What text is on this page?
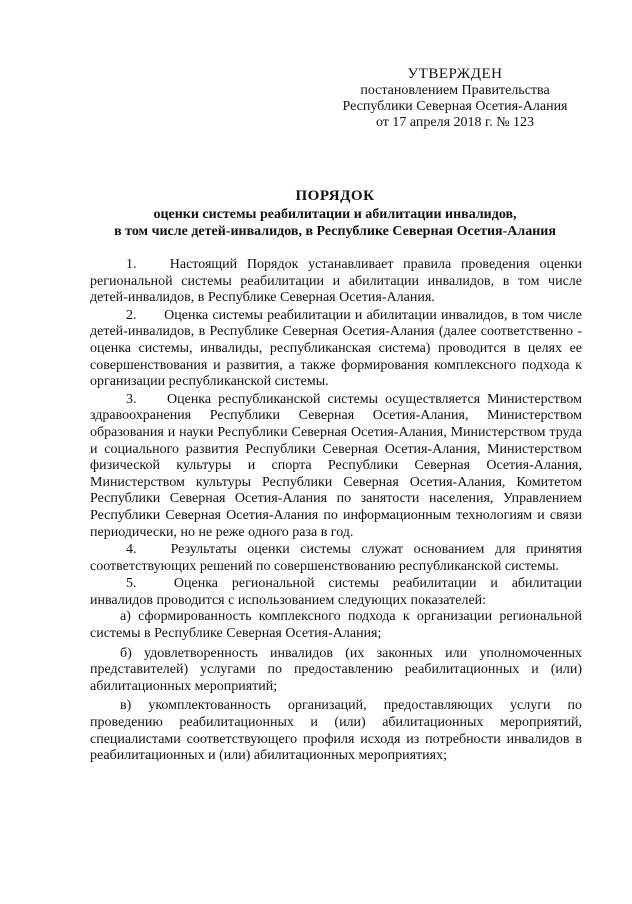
УТВЕРЖДЕН
постановлением Правительства
Республики Северная Осетия-Алания
от 17 апреля 2018 г. № 123
ПОРЯДОК
оценки системы реабилитации и абилитации инвалидов,
в том числе детей-инвалидов, в Республике Северная Осетия-Алания

1. Настоящий Порядок устанавливает правила проведения оценки региональной системы реабилитации и абилитации инвалидов, в том числе детей-инвалидов, в Республике Северная Осетия-Алания.

2. Оценка системы реабилитации и абилитации инвалидов, в том числе детей-инвалидов, в Республике Северная Осетия-Алания (далее соответственно - оценка системы, инвалиды, республиканская система) проводится в целях ее совершенствования и развития, а также формирования комплексного подхода к организации республиканской системы.

3. Оценка республиканской системы осуществляется Министерством здравоохранения Республики Северная Осетия-Алания, Министерством образования и науки Республики Северная Осетия-Алания, Министерством труда и социального развития Республики Северная Осетия-Алания, Министерством физической культуры и спорта Республики Северная Осетия-Алания, Министерством культуры Республики Северная Осетия-Алания, Комитетом Республики Северная Осетия-Алания по занятости населения, Управлением Республики Северная Осетия-Алания по информационным технологиям и связи периодически, но не реже одного раза в год.

4. Результаты оценки системы служат основанием для принятия соответствующих решений по совершенствованию республиканской системы.

5.	Оценка региональной системы реабилитации и абилитации инвалидов проводится с использованием следующих показателей:

а) сформированность комплексного подхода к организации региональной системы в Республике Северная Осетия-Алания;

б) удовлетворенность инвалидов (их законных или уполномоченных представителей) услугами по предоставлению реабилитационных и (или) абилитационных мероприятий;

в) укомплектованность организаций, предоставляющих услуги по проведению реабилитационных и (или) абилитационных мероприятий, специалистами соответствующего профиля исходя из потребности инвалидов в реабилитационных и (или) абилитационных мероприятиях;
